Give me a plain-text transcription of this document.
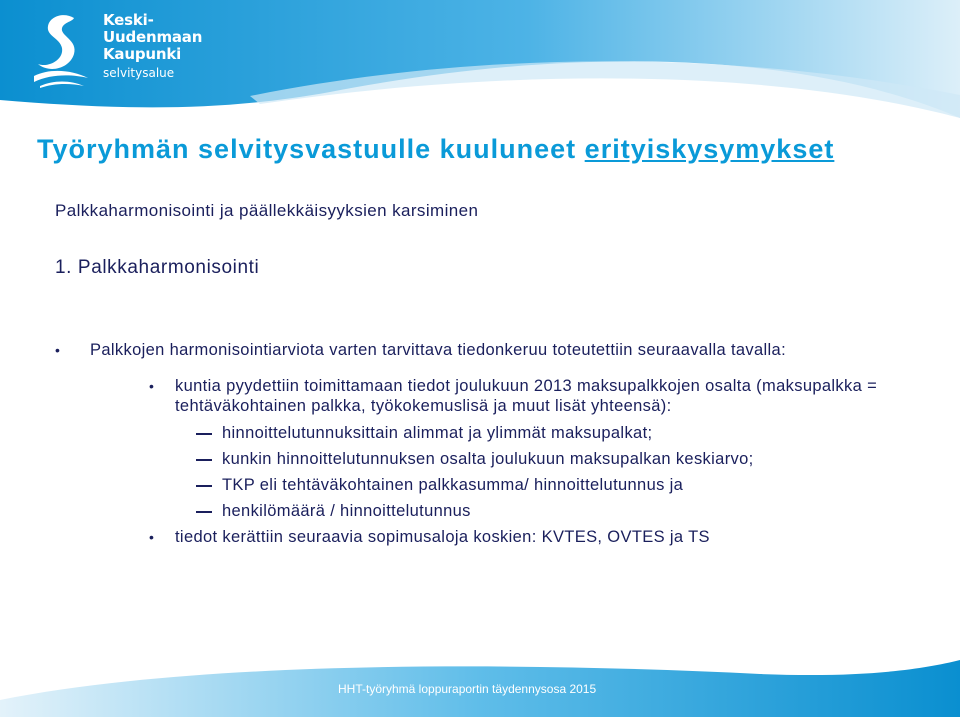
Keski-
Uudenmaan
Kaupunki
selvitysalue
Työryhmän selvitysvastuulle kuuluneet erityiskysymykset
Palkkaharmonisointi ja päällekkäisyyksien karsiminen
1. Palkkaharmonisointi

• Palkkojen harmonisointiarviota varten tarvittava tiedonkeruu toteutettiin seuraavalla tavalla:

• kuntia pyydettiin toimittamaan tiedot joulukuun 2013 maksupalkkojen osalta (maksupalkka = tehtäväkohtainen palkka, työkokemuslisä ja muut lisät yhteensä):

hinnoittelutunnuksittain alimmat ja ylimmät maksupalkat;

kunkin hinnoittelutunnuksen osalta joulukuun maksupalkan keskiarvo;

TKP eli tehtäväkohtainen palkkasumma/ hinnoittelutunnus ja

henkilömäärä / hinnoittelutunnus

• tiedot kerättiin seuraavia sopimusaloja koskien: KVTES, OVTES ja TS

HHT-työryhmä loppuraportin täydennysosa 2015
